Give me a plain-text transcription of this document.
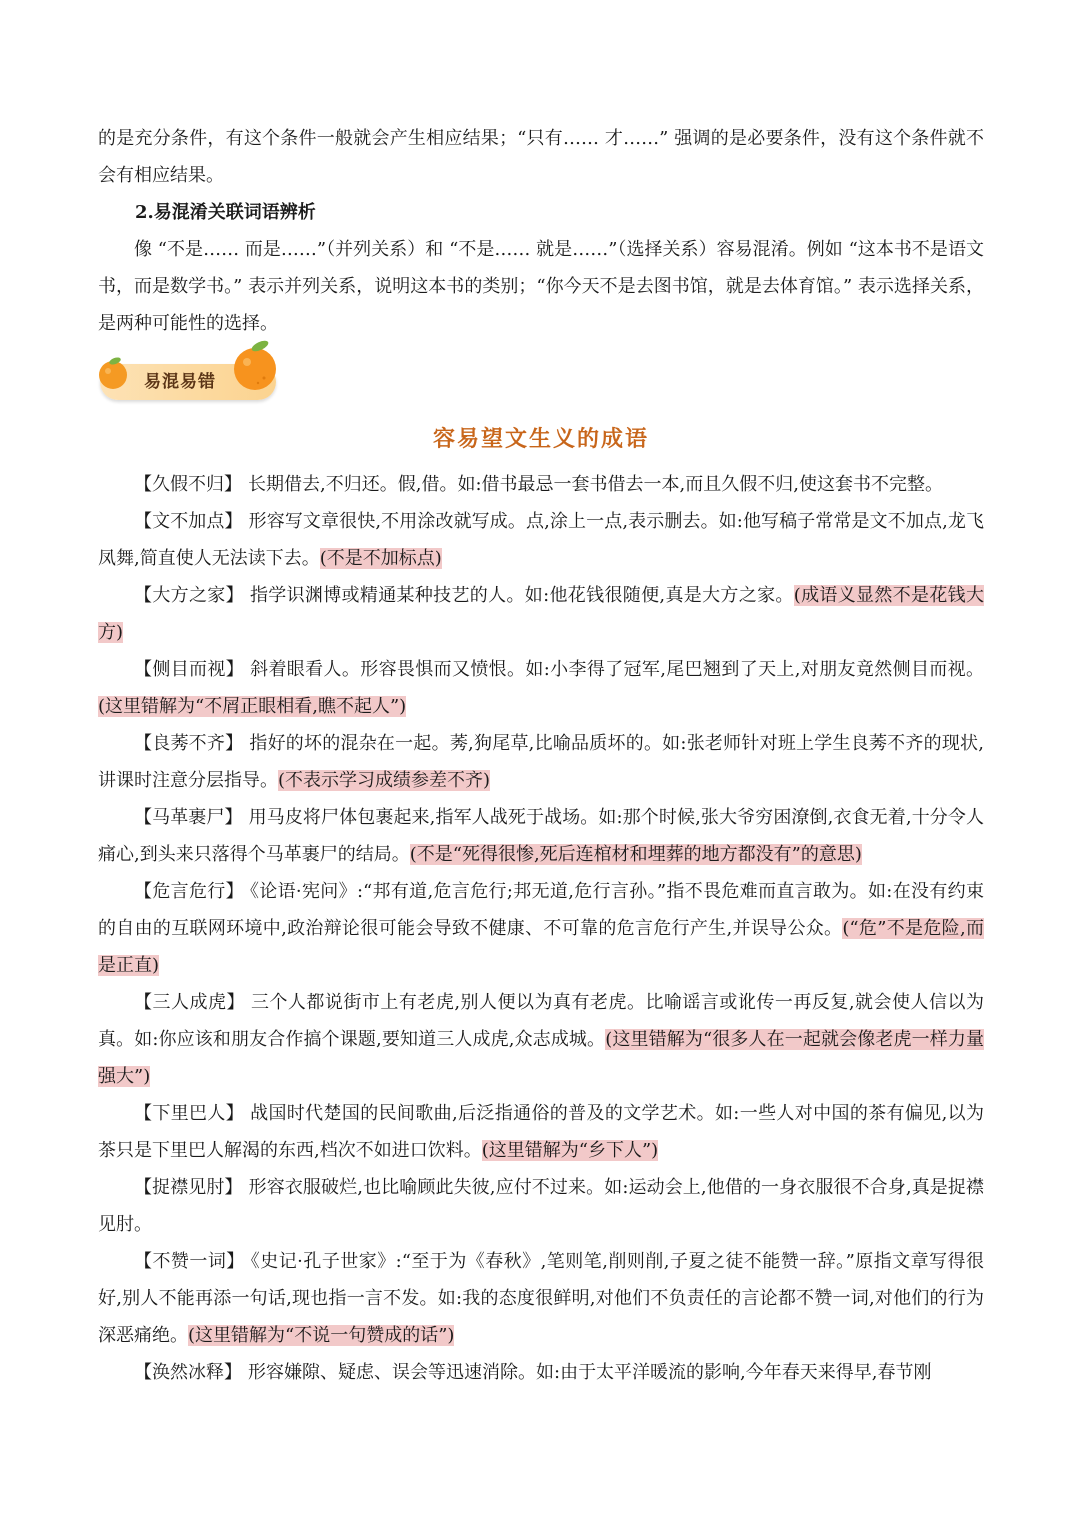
的是充分条件，有这个条件一般就会产生相应结果；“只有…… 才……” 强调的是必要条件，没有这个条件就不会有相应结果。

2.易混淆关联词语辨析

像 “不是…… 而是……”（并列关系）和 “不是…… 就是……”（选择关系）容易混淆。例如 “这本书不是语文书，而是数学书。” 表示并列关系，说明这本书的类别；“你今天不是去图书馆，就是去体育馆。” 表示选择关系，是两种可能性的选择。

易混易错
容易望文生义的成语

【久假不归】 长期借去,不归还。假,借。如:借书最忌一套书借去一本,而且久假不归,使这套书不完整。

【文不加点】 形容写文章很快,不用涂改就写成。点,涂上一点,表示删去。如:他写稿子常常是文不加点,龙飞凤舞,简直使人无法读下去。(不是不加标点)

【大方之家】 指学识渊博或精通某种技艺的人。如:他花钱很随便,真是大方之家。(成语义显然不是花钱大方)

【侧目而视】 斜着眼看人。形容畏惧而又愤恨。如:小李得了冠军,尾巴翘到了天上,对朋友竟然侧目而视。(这里错解为“不屑正眼相看,瞧不起人”)

【良莠不齐】 指好的坏的混杂在一起。莠,狗尾草,比喻品质坏的。如:张老师针对班上学生良莠不齐的现状,讲课时注意分层指导。(不表示学习成绩参差不齐)

【马革裹尸】 用马皮将尸体包裹起来,指军人战死于战场。如:那个时候,张大爷穷困潦倒,衣食无着,十分令人痛心,到头来只落得个马革裹尸的结局。(不是“死得很惨,死后连棺材和埋葬的地方都没有”的意思)

【危言危行】 《论语·宪问》:“邦有道,危言危行;邦无道,危行言孙。”指不畏危难而直言敢为。如:在没有约束的自由的互联网环境中,政治辩论很可能会导致不健康、不可靠的危言危行产生,并误导公众。(“危”不是危险,而是正直)

【三人成虎】 三个人都说街市上有老虎,别人便以为真有老虎。比喻谣言或讹传一再反复,就会使人信以为真。如:你应该和朋友合作搞个课题,要知道三人成虎,众志成城。(这里错解为“很多人在一起就会像老虎一样力量强大”)

【下里巴人】 战国时代楚国的民间歌曲,后泛指通俗的普及的文学艺术。如:一些人对中国的茶有偏见,以为茶只是下里巴人解渴的东西,档次不如进口饮料。(这里错解为“乡下人”)

【捉襟见肘】 形容衣服破烂,也比喻顾此失彼,应付不过来。如:运动会上,他借的一身衣服很不合身,真是捉襟见肘。

【不赞一词】 《史记·孔子世家》:“至于为《春秋》,笔则笔,削则削,子夏之徒不能赞一辞。”原指文章写得很好,别人不能再添一句话,现也指一言不发。如:我的态度很鲜明,对他们不负责任的言论都不赞一词,对他们的行为深恶痛绝。(这里错解为“不说一句赞成的话”)

【涣然冰释】 形容嫌隙、疑虑、误会等迅速消除。如:由于太平洋暖流的影响,今年春天来得早,春节刚
